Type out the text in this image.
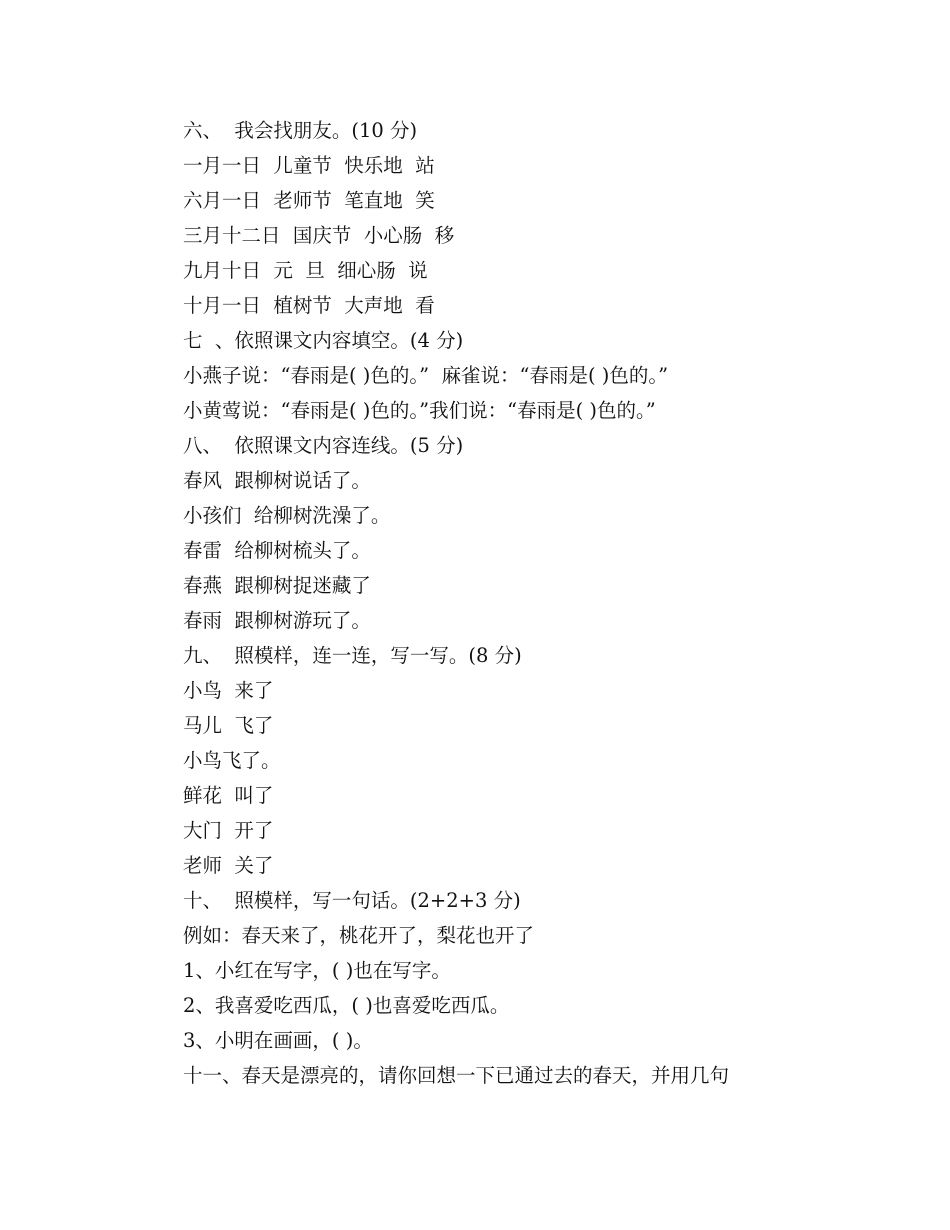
六、  我会找朋友。(10 分)
一月一日  儿童节  快乐地  站
六月一日  老师节  笔直地  笑
三月十二日  国庆节  小心肠  移
九月十日  元  旦  细心肠  说
十月一日  植树节  大声地  看
七  、依照课文内容填空。(4 分)
小燕子说：“春雨是( )色的。”  麻雀说：“春雨是( )色的。”
小黄莺说：“春雨是( )色的。”我们说：“春雨是( )色的。”
八、  依照课文内容连线。(5 分)
春风  跟柳树说话了。
小孩们  给柳树洗澡了。
春雷  给柳树梳头了。
春燕  跟柳树捉迷藏了
春雨  跟柳树游玩了。
九、  照模样，连一连，写一写。(8 分)
小鸟  来了
马儿  飞了
小鸟飞了。
鲜花  叫了
大门  开了
老师  关了
十、  照模样，写一句话。(2+2+3 分)
例如：春天来了，桃花开了，梨花也开了
1、小红在写字，( )也在写字。
2、我喜爱吃西瓜，( )也喜爱吃西瓜。
3、小明在画画，( )。
十一、春天是漂亮的，请你回想一下已通过去的春天，并用几句
